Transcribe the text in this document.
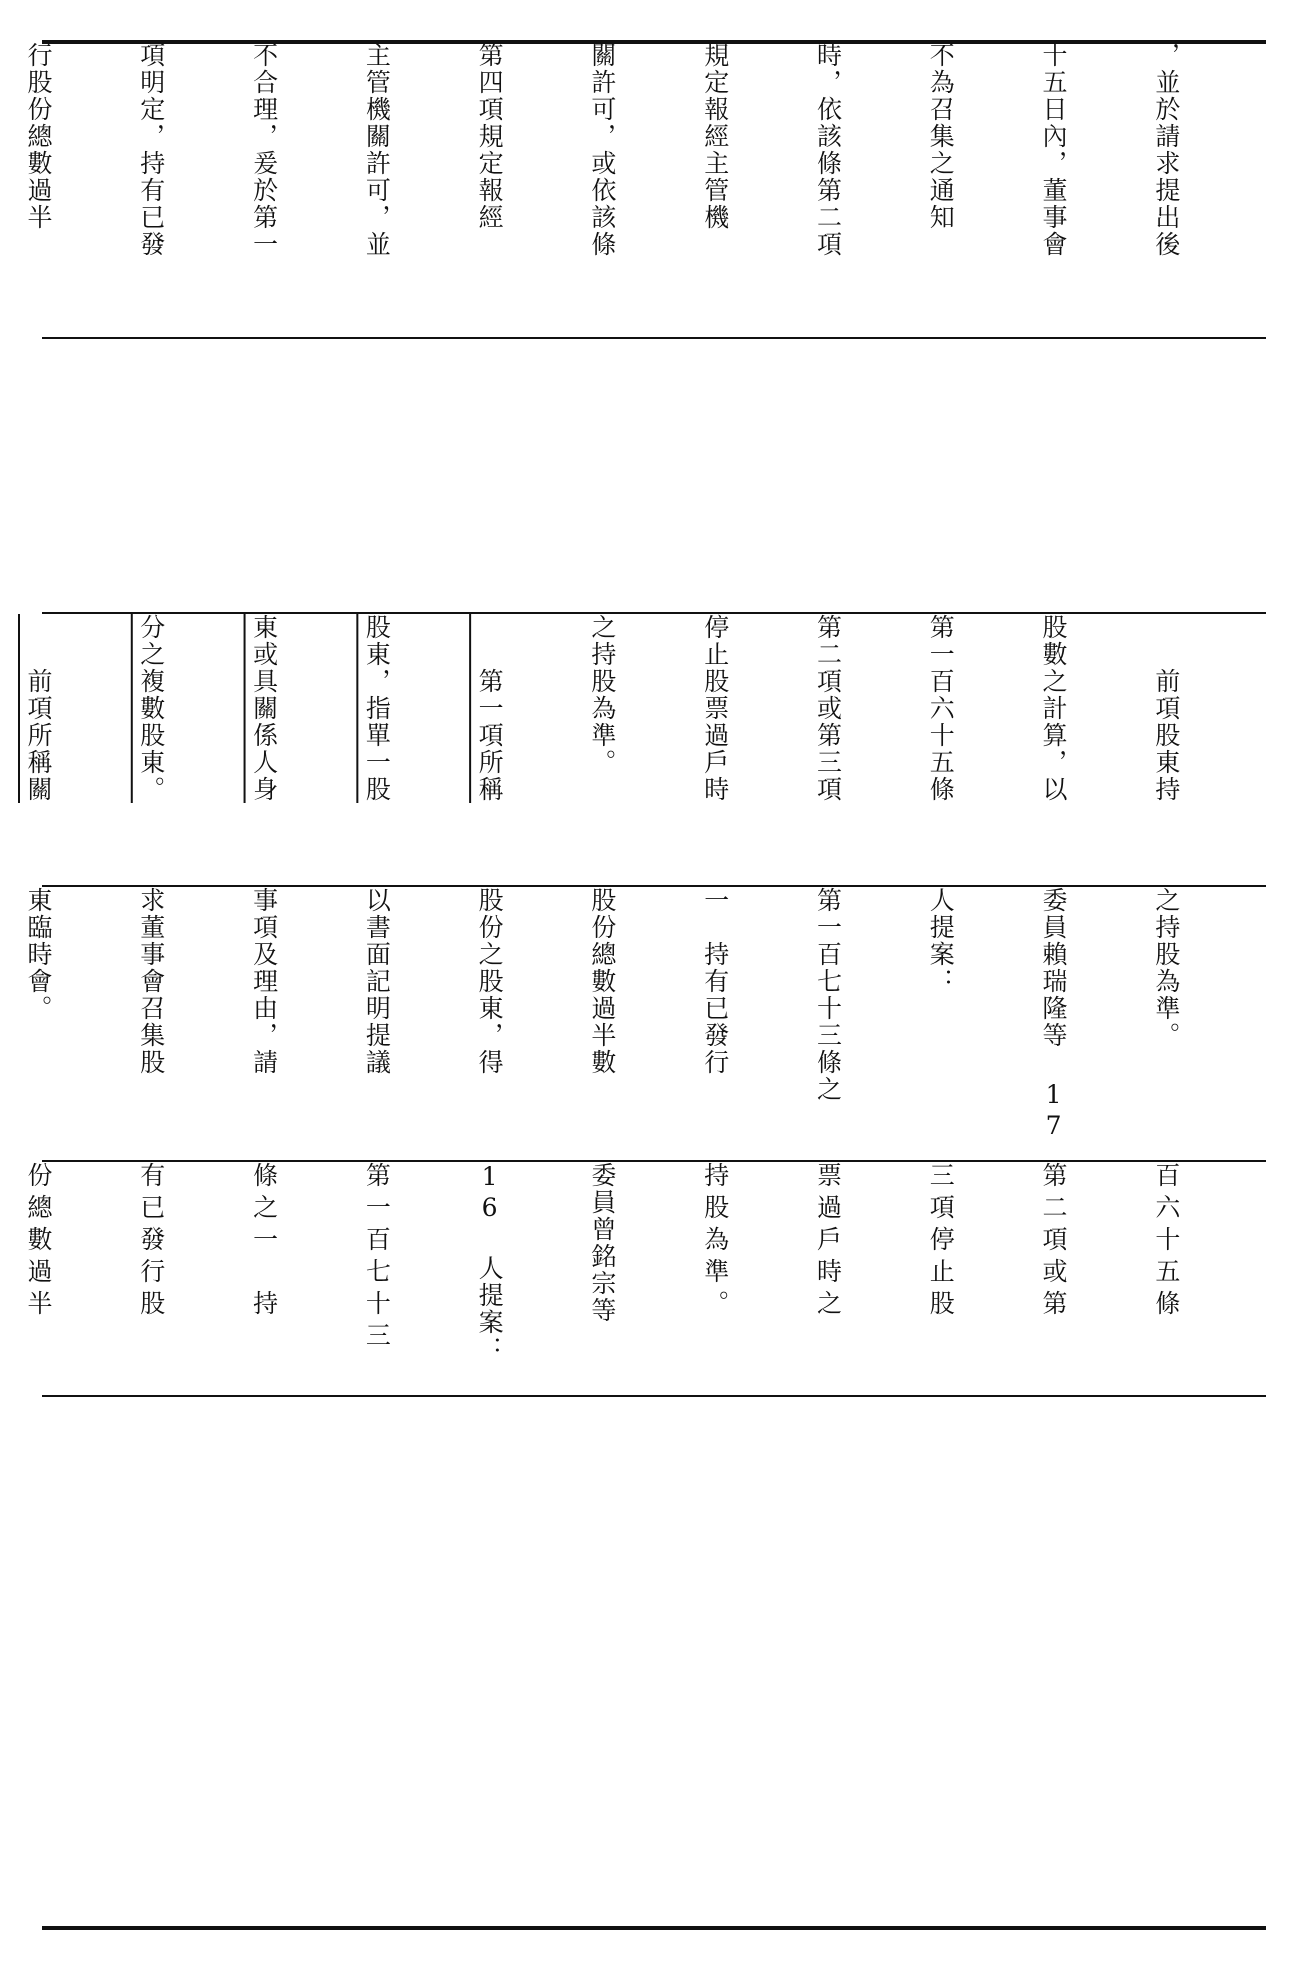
，並於請求提出後

十五日內，董事會

不為召集之通知

時，依該條第二項

規定報經主管機

關許可，或依該條

第四項規定報經

主管機關許可，並

不合理，爰於第一

項明定，持有已發

行股份總數過半

　　前項股東持

股數之計算，以

第一百六十五條

第二項或第三項

停止股票過戶時

之持股為準。

　　第一項所稱

股東，指單一股

東或具關係人身

分之複數股東。

　　前項所稱關

之持股為準。

委員賴瑞隆等 17

人提案：

第一百七十三條之

一　持有已發行

股份總數過半數

股份之股東，得

以書面記明提議

事項及理由，請

求董事會召集股

東臨時會。

百六十五條

第二項或第

三項停止股

票過戶時之

持股為準。

委員曾銘宗等

16 人提案：

第一百七十三

條之一　持

有已發行股

份總數過半
